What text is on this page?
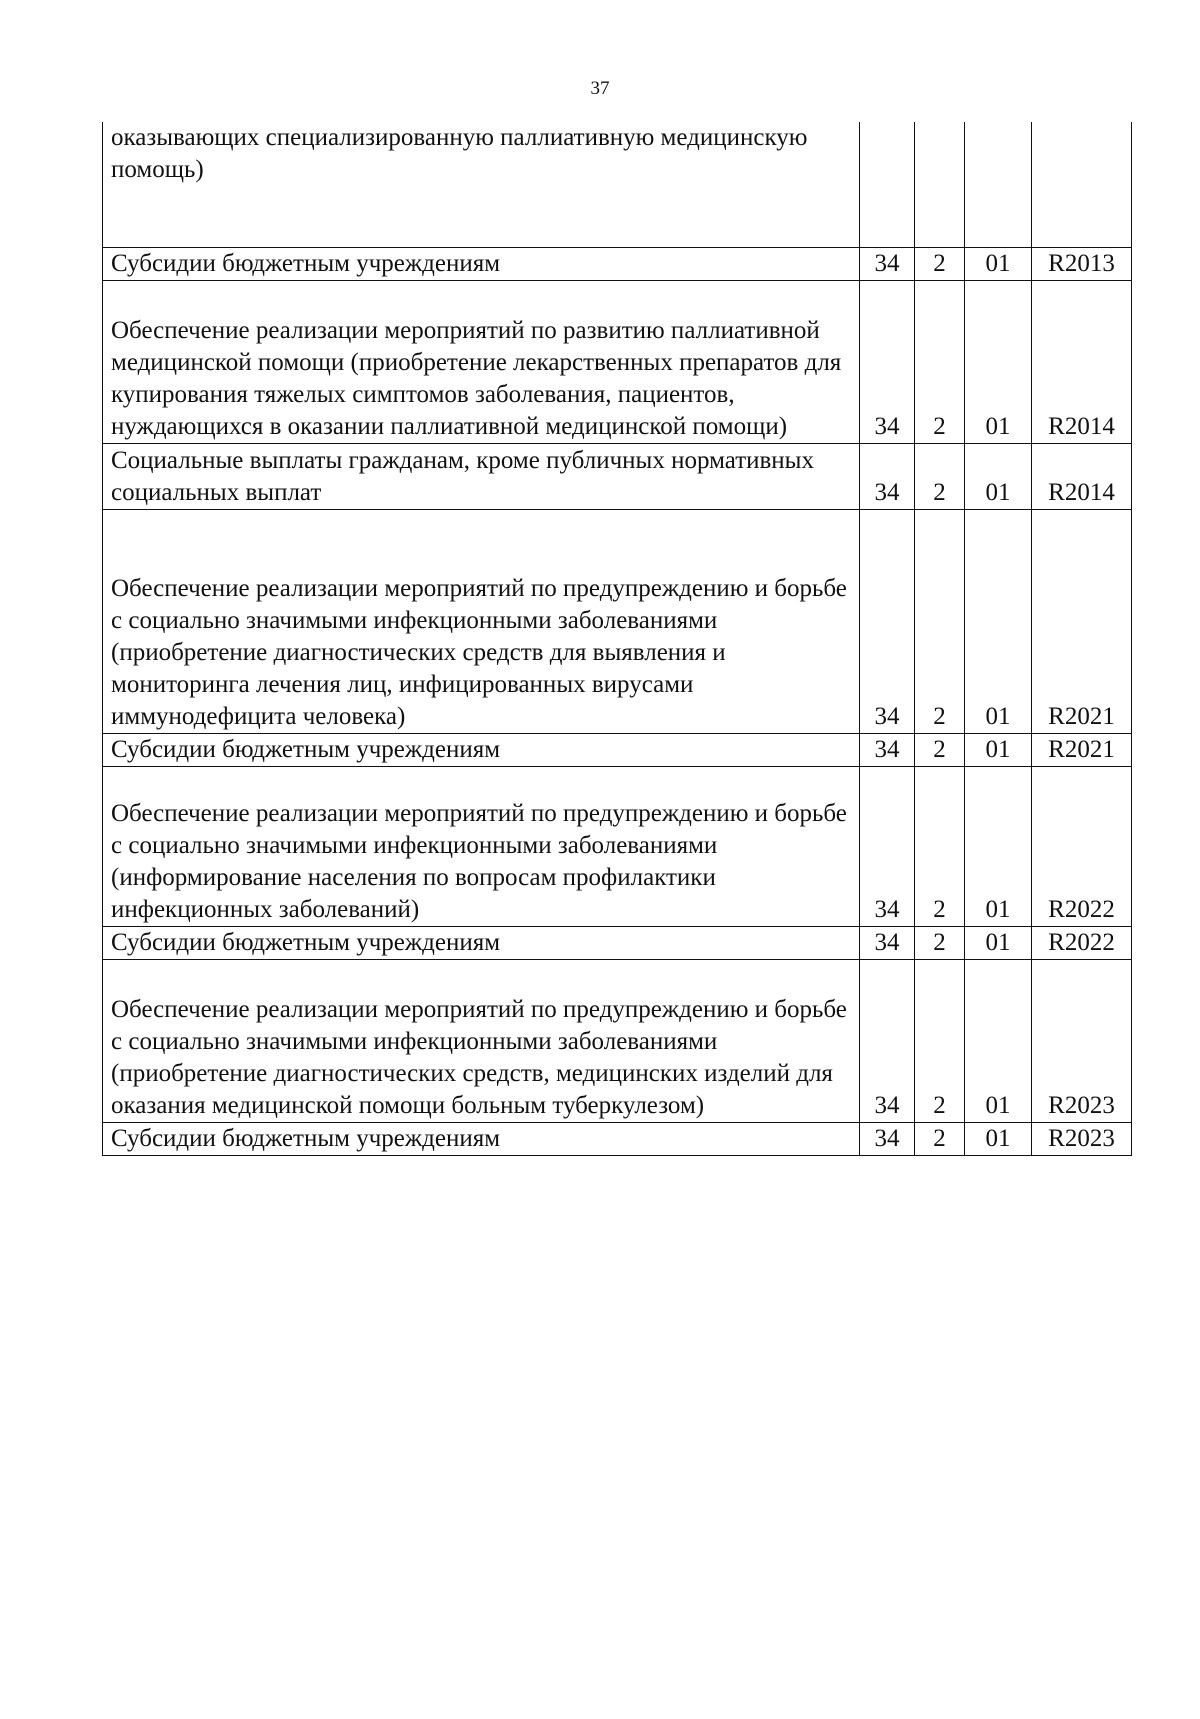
37
оказывающих специализированную паллиативную медицинскую помощь)				
Субсидии бюджетным учреждениям	34	2	01	R2013
Обеспечение реализации мероприятий по развитию паллиативной медицинской помощи (приобретение лекарственных препаратов для купирования тяжелых симптомов заболевания, пациентов, нуждающихся в оказании паллиативной медицинской помощи)	34	2	01	R2014
Социальные выплаты гражданам, кроме публичных нормативных социальных выплат	34	2	01	R2014
Обеспечение реализации мероприятий по предупреждению и борьбе с социально значимыми инфекционными заболеваниями (приобретение диагностических средств для выявления и мониторинга лечения лиц, инфицированных вирусами иммунодефицита человека)	34	2	01	R2021
Субсидии бюджетным учреждениям	34	2	01	R2021
Обеспечение реализации мероприятий по предупреждению и борьбе с социально значимыми инфекционными заболеваниями (информирование населения по вопросам профилактики инфекционных заболеваний)	34	2	01	R2022
Субсидии бюджетным учреждениям	34	2	01	R2022
Обеспечение реализации мероприятий по предупреждению и борьбе с социально значимыми инфекционными заболеваниями (приобретение диагностических средств, медицинских изделий для оказания медицинской помощи больным туберкулезом)	34	2	01	R2023
Субсидии бюджетным учреждениям	34	2	01	R2023
